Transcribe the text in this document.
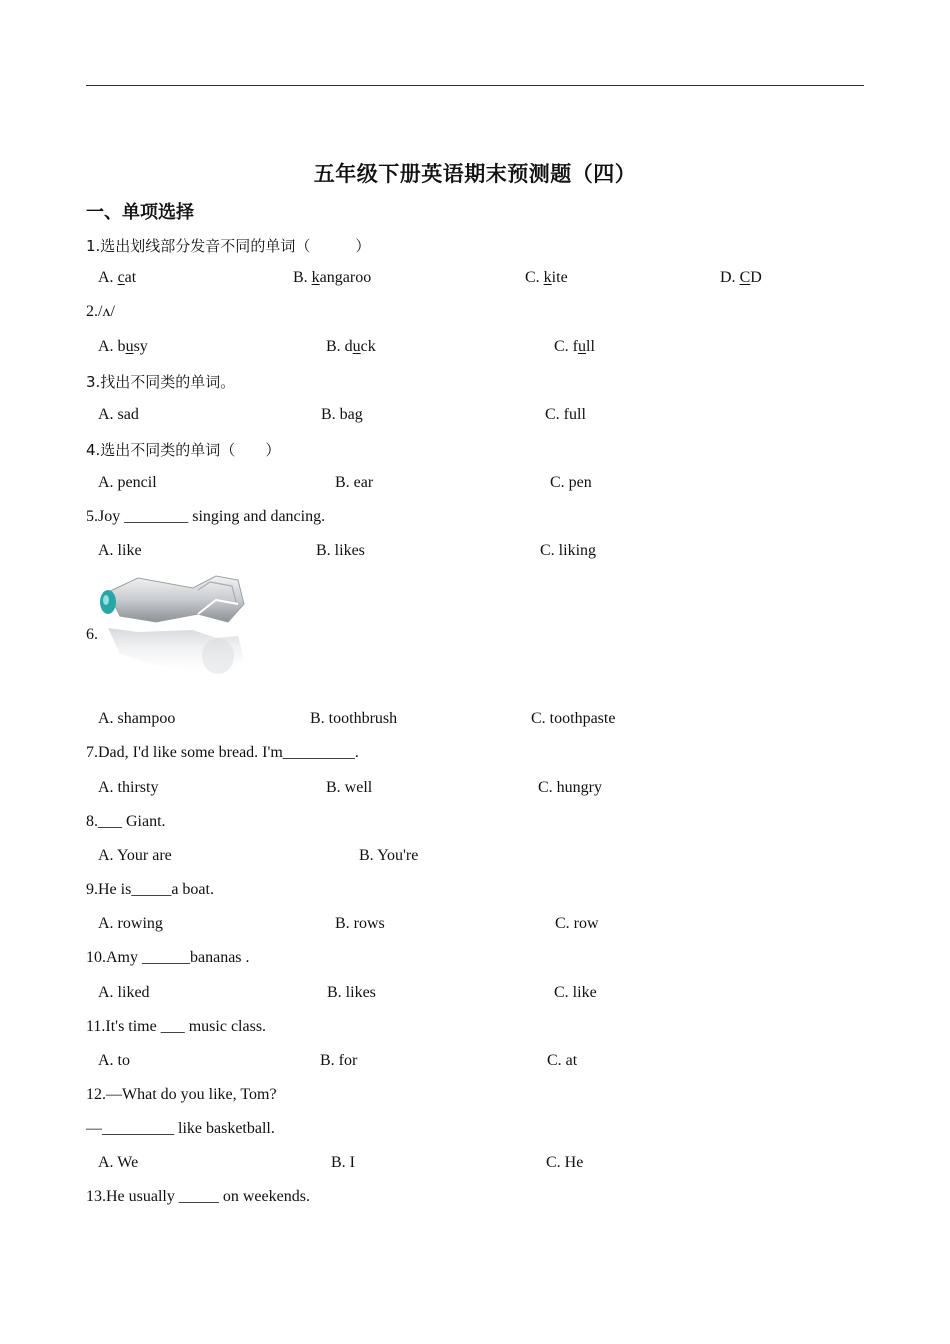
五年级下册英语期末预测题（四）
一、单项选择
1.选出划线部分发音不同的单词（　　　）
A. cat	B. kangaroo	C. kite	D. CD
2./ʌ/
A. busy	B. duck	C. full
3.找出不同类的单词。
A. sad	B. bag	C. full
4.选出不同类的单词（　　）
A. pencil	B. ear	C. pen
5.Joy ________ singing and dancing.
A. like	B. likes	C. liking
6.
A. shampoo	B. toothbrush	C. toothpaste
7.Dad, I'd like some bread. I'm_________.
A. thirsty	B. well	C. hungry
8.___ Giant.
A. Your are	B. You're
9.He is_____a boat.
A. rowing	B. rows	C. row
10.Amy ______bananas .
A. liked	B. likes	C. like
11.It's time ___ music class.
A. to	B. for	C. at
12.—What do you like, Tom?
—_________ like basketball.
A. We	B. I	C. He
13.He usually _____ on weekends.
